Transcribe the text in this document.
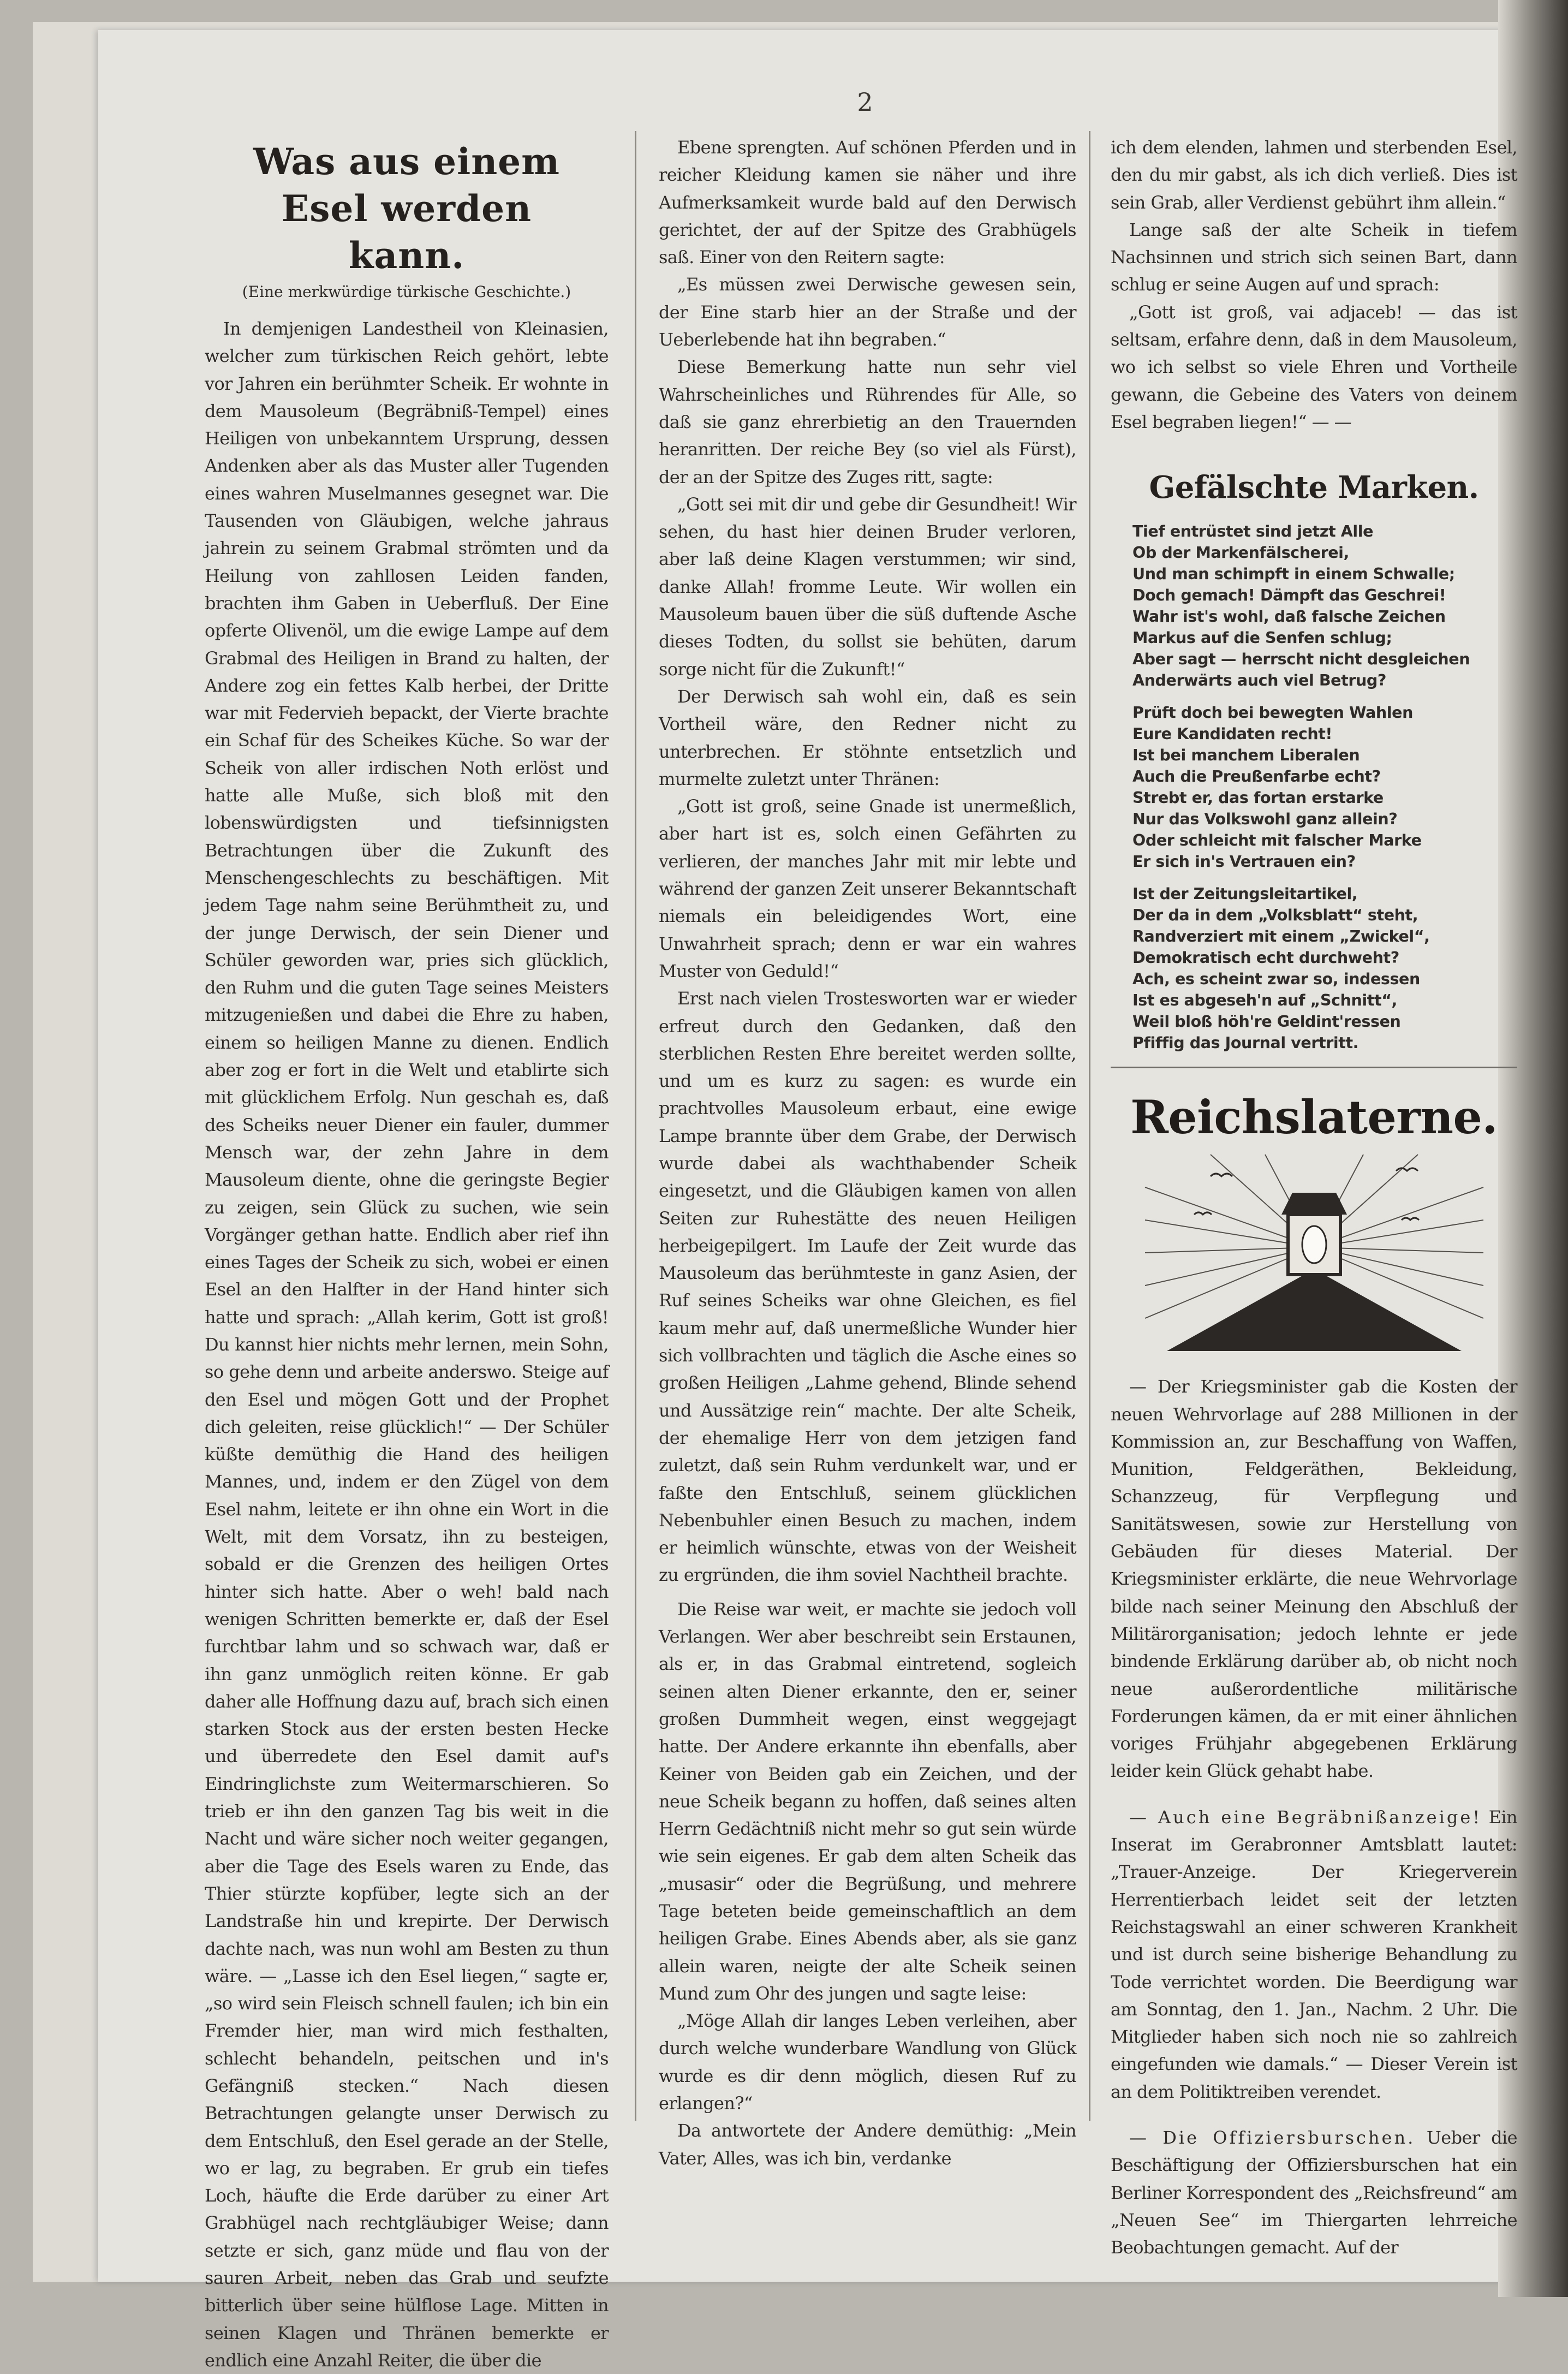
2
Was aus einem Esel werden
kann.
(Eine merkwürdige türkische Geschichte.)

In demjenigen Landestheil von Kleinasien, welcher zum türkischen Reich gehört, lebte vor Jahren ein berühmter Scheik. Er wohnte in dem Mausoleum (Begräbniß-Tempel) eines Heiligen von unbekanntem Ursprung, dessen Andenken aber als das Muster aller Tugenden eines wahren Muselmannes gesegnet war. Die Tausenden von Gläubigen, welche jahraus jahrein zu seinem Grabmal strömten und da Heilung von zahllosen Leiden fanden, brachten ihm Gaben in Ueberfluß. Der Eine opferte Olivenöl, um die ewige Lampe auf dem Grabmal des Heiligen in Brand zu halten, der Andere zog ein fettes Kalb herbei, der Dritte war mit Federvieh bepackt, der Vierte brachte ein Schaf für des Scheikes Küche. So war der Scheik von aller irdischen Noth erlöst und hatte alle Muße, sich bloß mit den lobenswürdigsten und tiefsinnigsten Betrachtungen über die Zukunft des Menschengeschlechts zu beschäftigen. Mit jedem Tage nahm seine Berühmtheit zu, und der junge Derwisch, der sein Diener und Schüler geworden war, pries sich glücklich, den Ruhm und die guten Tage seines Meisters mitzugenießen und dabei die Ehre zu haben, einem so heiligen Manne zu dienen. Endlich aber zog er fort in die Welt und etablirte sich mit glücklichem Erfolg. Nun geschah es, daß des Scheiks neuer Diener ein fauler, dummer Mensch war, der zehn Jahre in dem Mausoleum diente, ohne die geringste Begier zu zeigen, sein Glück zu suchen, wie sein Vorgänger gethan hatte. Endlich aber rief ihn eines Tages der Scheik zu sich, wobei er einen Esel an den Halfter in der Hand hinter sich hatte und sprach: „Allah kerim, Gott ist groß! Du kannst hier nichts mehr lernen, mein Sohn, so gehe denn und arbeite anderswo. Steige auf den Esel und mögen Gott und der Prophet dich geleiten, reise glücklich!“ — Der Schüler küßte demüthig die Hand des heiligen Mannes, und, indem er den Zügel von dem Esel nahm, leitete er ihn ohne ein Wort in die Welt, mit dem Vorsatz, ihn zu besteigen, sobald er die Grenzen des heiligen Ortes hinter sich hatte. Aber o weh! bald nach wenigen Schritten bemerkte er, daß der Esel furchtbar lahm und so schwach war, daß er ihn ganz unmöglich reiten könne. Er gab daher alle Hoffnung dazu auf, brach sich einen starken Stock aus der ersten besten Hecke und überredete den Esel damit auf's Eindringlichste zum Weitermarschieren. So trieb er ihn den ganzen Tag bis weit in die Nacht und wäre sicher noch weiter gegangen, aber die Tage des Esels waren zu Ende, das Thier stürzte kopfüber, legte sich an der Landstraße hin und krepirte. Der Derwisch dachte nach, was nun wohl am Besten zu thun wäre. — „Lasse ich den Esel liegen,“ sagte er, „so wird sein Fleisch schnell faulen; ich bin ein Fremder hier, man wird mich festhalten, schlecht behandeln, peitschen und in's Gefängniß stecken.“ Nach diesen Betrachtungen gelangte unser Derwisch zu dem Entschluß, den Esel gerade an der Stelle, wo er lag, zu begraben. Er grub ein tiefes Loch, häufte die Erde darüber zu einer Art Grabhügel nach rechtgläubiger Weise; dann setzte er sich, ganz müde und flau von der sauren Arbeit, neben das Grab und seufzte bitterlich über seine hülflose Lage. Mitten in seinen Klagen und Thränen bemerkte er endlich eine Anzahl Reiter, die über die

Ebene sprengten. Auf schönen Pferden und in reicher Kleidung kamen sie näher und ihre Aufmerksamkeit wurde bald auf den Derwisch gerichtet, der auf der Spitze des Grabhügels saß. Einer von den Reitern sagte:

„Es müssen zwei Derwische gewesen sein, der Eine starb hier an der Straße und der Ueberlebende hat ihn begraben.“

Diese Bemerkung hatte nun sehr viel Wahrscheinliches und Rührendes für Alle, so daß sie ganz ehrerbietig an den Trauernden heranritten. Der reiche Bey (so viel als Fürst), der an der Spitze des Zuges ritt, sagte:

„Gott sei mit dir und gebe dir Gesundheit! Wir sehen, du hast hier deinen Bruder verloren, aber laß deine Klagen verstummen; wir sind, danke Allah! fromme Leute. Wir wollen ein Mausoleum bauen über die süß duftende Asche dieses Todten, du sollst sie behüten, darum sorge nicht für die Zukunft!“

Der Derwisch sah wohl ein, daß es sein Vortheil wäre, den Redner nicht zu unterbrechen. Er stöhnte entsetzlich und murmelte zuletzt unter Thränen:

„Gott ist groß, seine Gnade ist unermeßlich, aber hart ist es, solch einen Gefährten zu verlieren, der manches Jahr mit mir lebte und während der ganzen Zeit unserer Bekanntschaft niemals ein beleidigendes Wort, eine Unwahrheit sprach; denn er war ein wahres Muster von Geduld!“

Erst nach vielen Trostesworten war er wieder erfreut durch den Gedanken, daß den sterblichen Resten Ehre bereitet werden sollte, und um es kurz zu sagen: es wurde ein prachtvolles Mausoleum erbaut, eine ewige Lampe brannte über dem Grabe, der Derwisch wurde dabei als wachthabender Scheik eingesetzt, und die Gläubigen kamen von allen Seiten zur Ruhestätte des neuen Heiligen herbeigepilgert. Im Laufe der Zeit wurde das Mausoleum das berühmteste in ganz Asien, der Ruf seines Scheiks war ohne Gleichen, es fiel kaum mehr auf, daß unermeßliche Wunder hier sich vollbrachten und täglich die Asche eines so großen Heiligen „Lahme gehend, Blinde sehend und Aussätzige rein“ machte. Der alte Scheik, der ehemalige Herr von dem jetzigen fand zuletzt, daß sein Ruhm verdunkelt war, und er faßte den Entschluß, seinem glücklichen Nebenbuhler einen Besuch zu machen, indem er heimlich wünschte, etwas von der Weisheit zu ergründen, die ihm soviel Nachtheil brachte.

Die Reise war weit, er machte sie jedoch voll Verlangen. Wer aber beschreibt sein Erstaunen, als er, in das Grabmal eintretend, sogleich seinen alten Diener erkannte, den er, seiner großen Dummheit wegen, einst weggejagt hatte. Der Andere erkannte ihn ebenfalls, aber Keiner von Beiden gab ein Zeichen, und der neue Scheik begann zu hoffen, daß seines alten Herrn Gedächtniß nicht mehr so gut sein würde wie sein eigenes. Er gab dem alten Scheik das „musasir“ oder die Begrüßung, und mehrere Tage beteten beide gemeinschaftlich an dem heiligen Grabe. Eines Abends aber, als sie ganz allein waren, neigte der alte Scheik seinen Mund zum Ohr des jungen und sagte leise:

„Möge Allah dir langes Leben verleihen, aber durch welche wunderbare Wandlung von Glück wurde es dir denn möglich, diesen Ruf zu erlangen?“

Da antwortete der Andere demüthig: „Mein Vater, Alles, was ich bin, verdanke

ich dem elenden, lahmen und sterbenden Esel, den du mir gabst, als ich dich verließ. Dies ist sein Grab, aller Verdienst gebührt ihm allein.“

Lange saß der alte Scheik in tiefem Nachsinnen und strich sich seinen Bart, dann schlug er seine Augen auf und sprach:

„Gott ist groß, vai adjaceb! — das ist seltsam, erfahre denn, daß in dem Mausoleum, wo ich selbst so viele Ehren und Vortheile gewann, die Gebeine des Vaters von deinem Esel begraben liegen!“ — —

Gefälschte Marken.
Tief entrüstet sind jetzt Alle
Ob der Markenfälscherei,
Und man schimpft in einem Schwalle;
Doch gemach! Dämpft das Geschrei!
Wahr ist's wohl, daß falsche Zeichen
Markus auf die Senfen schlug;
Aber sagt — herrscht nicht desgleichen
Anderwärts auch viel Betrug?
Prüft doch bei bewegten Wahlen
Eure Kandidaten recht!
Ist bei manchem Liberalen
Auch die Preußenfarbe echt?
Strebt er, das fortan erstarke
Nur das Volkswohl ganz allein?
Oder schleicht mit falscher Marke
Er sich in's Vertrauen ein?
Ist der Zeitungsleitartikel,
Der da in dem „Volksblatt“ steht,
Randverziert mit einem „Zwickel“,
Demokratisch echt durchweht?
Ach, es scheint zwar so, indessen
Ist es abgeseh'n auf „Schnitt“,
Weil bloß höh're Geldint'ressen
Pfiffig das Journal vertritt.
Reichslaterne.

— Der Kriegsminister gab die Kosten der neuen Wehrvorlage auf 288 Millionen in der Kommission an, zur Beschaffung von Waffen, Munition, Feldgeräthen, Bekleidung, Schanzzeug, für Verpflegung und Sanitätswesen, sowie zur Herstellung von Gebäuden für dieses Material. Der Kriegsminister erklärte, die neue Wehrvorlage bilde nach seiner Meinung den Abschluß der Militärorganisation; jedoch lehnte er jede bindende Erklärung darüber ab, ob nicht noch neue außerordentliche militärische Forderungen kämen, da er mit einer ähnlichen voriges Frühjahr abgegebenen Erklärung leider kein Glück gehabt habe.

— Auch eine Begräbnißanzeige! Ein Inserat im Gerabronner Amtsblatt lautet: „Trauer-Anzeige. Der Kriegerverein Herrentierbach leidet seit der letzten Reichstagswahl an einer schweren Krankheit und ist durch seine bisherige Behandlung zu Tode verrichtet worden. Die Beerdigung war am Sonntag, den 1. Jan., Nachm. 2 Uhr. Die Mitglieder haben sich noch nie so zahlreich eingefunden wie damals.“ — Dieser Verein ist an dem Politiktreiben verendet.

— Die Offiziersburschen. Ueber die Beschäftigung der Offiziersburschen hat ein Berliner Korrespondent des „Reichsfreund“ am „Neuen See“ im Thiergarten lehrreiche Beobachtungen gemacht. Auf der
